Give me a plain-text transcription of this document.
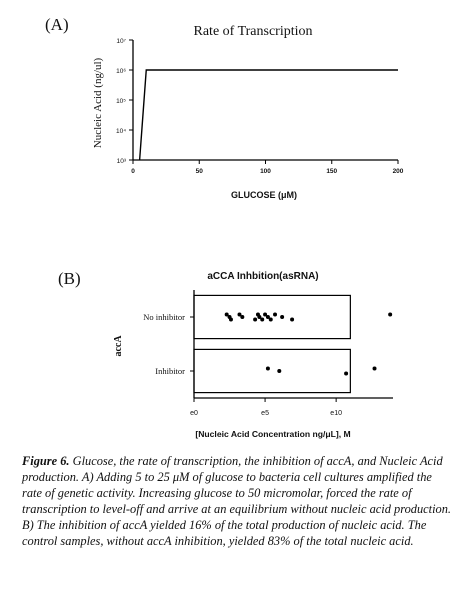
(A)	Rate of Transcription
Nucleic Acid (ng/ul)
GLUCOSE (μM)
10³
10⁴
10⁵
10⁶
10⁷
0	50	100	150	200
(B)	aCCA Inhbition(asRNA)
accA
[Nucleic Acid Concentration ng/μL], M
e0	e5	e10
No inhibitor
Inhibitor

Figure 6. Glucose, the rate of transcription, the inhibition of accA, and Nucleic Acid production. A) Adding 5 to 25 μM of glucose to bacteria cell cultures amplified the rate of genetic activity. Increasing glucose to 50 micromolar, forced the rate of transcription to level-off and arrive at an equilibrium without nucleic acid production. B) The inhibition of accA yielded 16% of the total production of nucleic acid. The control samples, without accA inhibition, yielded 83% of the total nucleic acid.
